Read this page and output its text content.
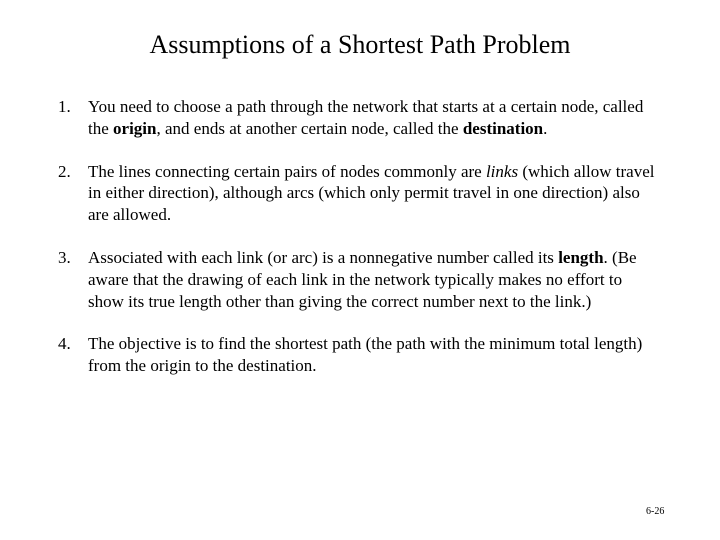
Assumptions of a Shortest Path Problem
1. You need to choose a path through the network that starts at a certain node, called the origin, and ends at another certain node, called the destination.
2. The lines connecting certain pairs of nodes commonly are links (which allow travel in either direction), although arcs (which only permit travel in one direction) also are allowed.
3. Associated with each link (or arc) is a nonnegative number called its length. (Be aware that the drawing of each link in the network typically makes no effort to show its true length other than giving the correct number next to the link.)
4. The objective is to find the shortest path (the path with the minimum total length) from the origin to the destination.
6-26
